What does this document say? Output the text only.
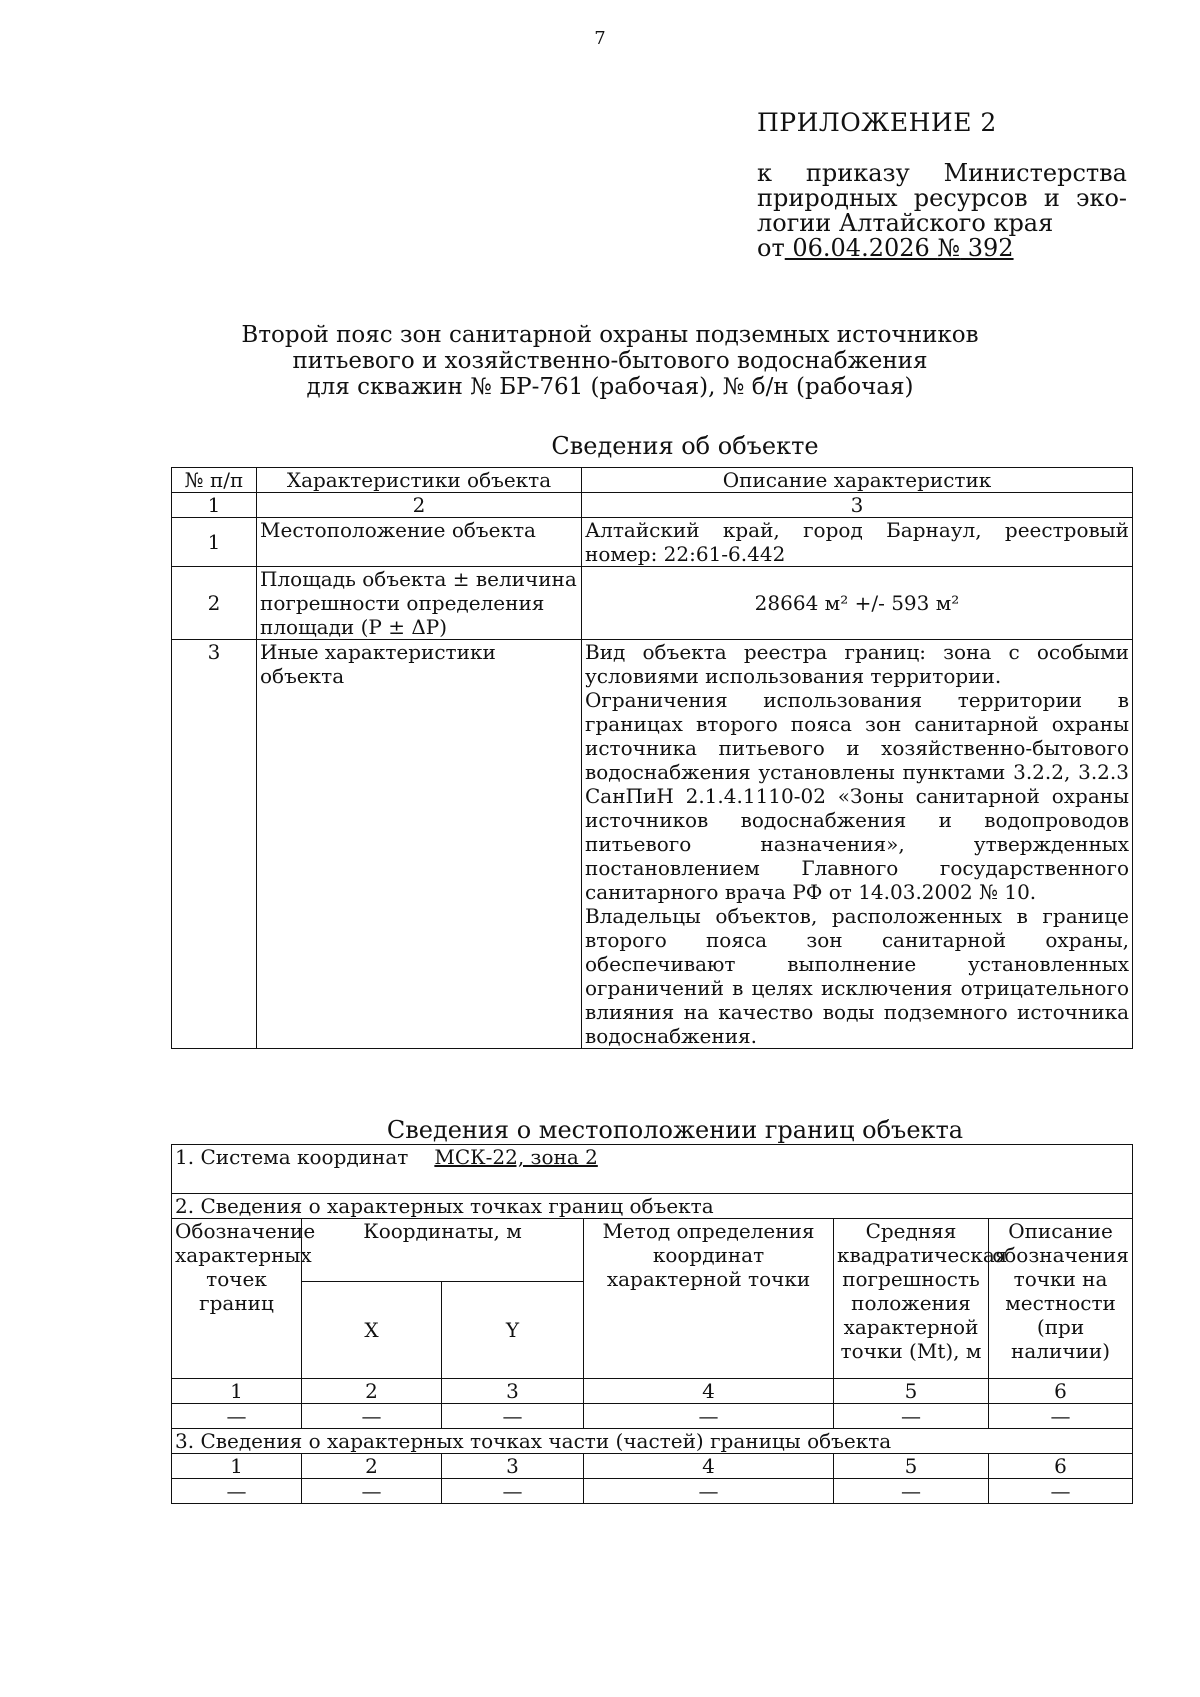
7
ПРИЛОЖЕНИЕ 2
к приказу Министерства
природных ресурсов и эко-
логии Алтайского края
от 06.04.2026 № 392
Второй пояс зон санитарной охраны подземных источников
питьевого и хозяйственно-бытового водоснабжения
для скважин № БР-761 (рабочая), № б/н (рабочая)
Сведения об объекте
№ п/п	Характеристики объекта	Описание характеристик
1	2	3
1	Местоположение объекта	Алтайский край, город Барнаул, реестровый номер: 22:61-6.442
2	Площадь объекта ± величина погрешности определения площади (P ± ΔP)	28664 м² +/- 593 м²
3	Иные характеристики объекта	Вид объекта реестра границ: зона с особыми условиями использования территории.
Ограничения использования территории в границах второго пояса зон санитарной охраны источника питьевого и хозяйственно-бытового водоснабжения установлены пунктами 3.2.2, 3.2.3 СанПиН 2.1.4.1110-02 «Зоны санитарной охраны источников водоснабжения и водопроводов питьевого назначения», утвержденных постановлением Главного государственного санитарного врача РФ от 14.03.2002 № 10.
Владельцы объектов, расположенных в границе второго пояса зон санитарной охраны, обеспечивают выполнение установленных ограничений в целях исключения отрицательного влияния на качество воды подземного источника водоснабжения.
Сведения о местоположении границ объекта
1. Система координат МСК-22, зона 2					

2. Сведения о характерных точках границ объекта					
Обозначение характерных точек границ	Координаты, м		Метод определения координат характерной точки	Средняя квадратическая погрешность положения характерной точки (Mt), м	Описание обозначения точки на местности (при наличии)
	X	Y			
1	2	3	4	5	6
—	—	—	—	—	—
3. Сведения о характерных точках части (частей) границы объекта					
1	2	3	4	5	6
—	—	—	—	—	—
